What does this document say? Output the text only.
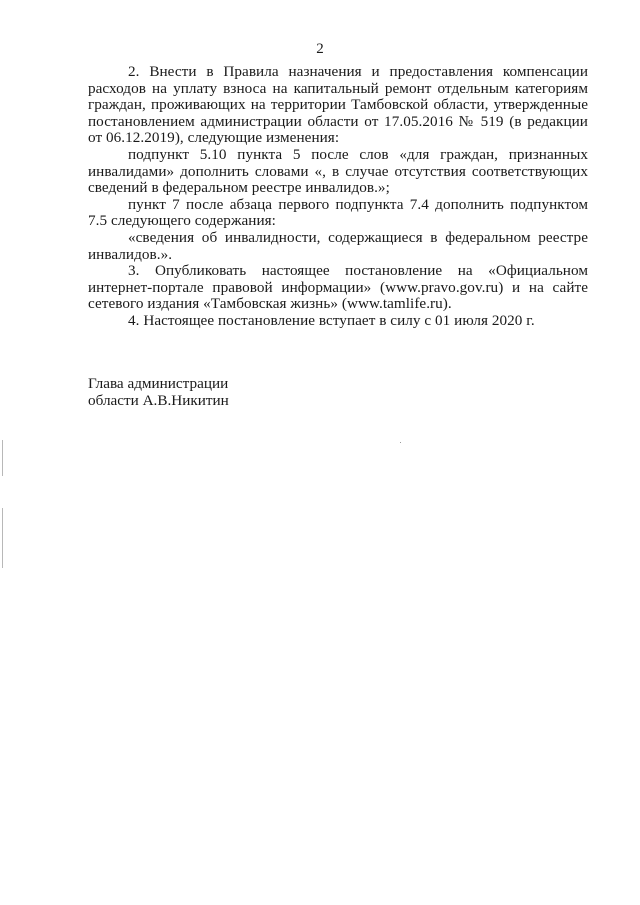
2

2. Внести в Правила назначения и предоставления компенсации расходов на уплату взноса на капитальный ремонт отдельным категориям граждан, проживающих на территории Тамбовской области, утвержденные постановлением администрации области от 17.05.2016 № 519 (в редакции от 06.12.2019), следующие изменения:

подпункт 5.10 пункта 5 после слов «для граждан, признанных инвалидами» дополнить словами «, в случае отсутствия соответствующих сведений в федеральном реестре инвалидов.»;

пункт 7 после абзаца первого подпункта 7.4 дополнить подпунктом 7.5 следующего содержания:

«сведения об инвалидности, содержащиеся в федеральном реестре инвалидов.».

3. Опубликовать настоящее постановление на «Официальном интернет-портале правовой информации» (www.pravo.gov.ru) и на сайте сетевого издания «Тамбовская жизнь» (www.tamlife.ru).

4. Настоящее постановление вступает в силу с 01 июля 2020 г.

Глава администрации
области А.В.Никитин
